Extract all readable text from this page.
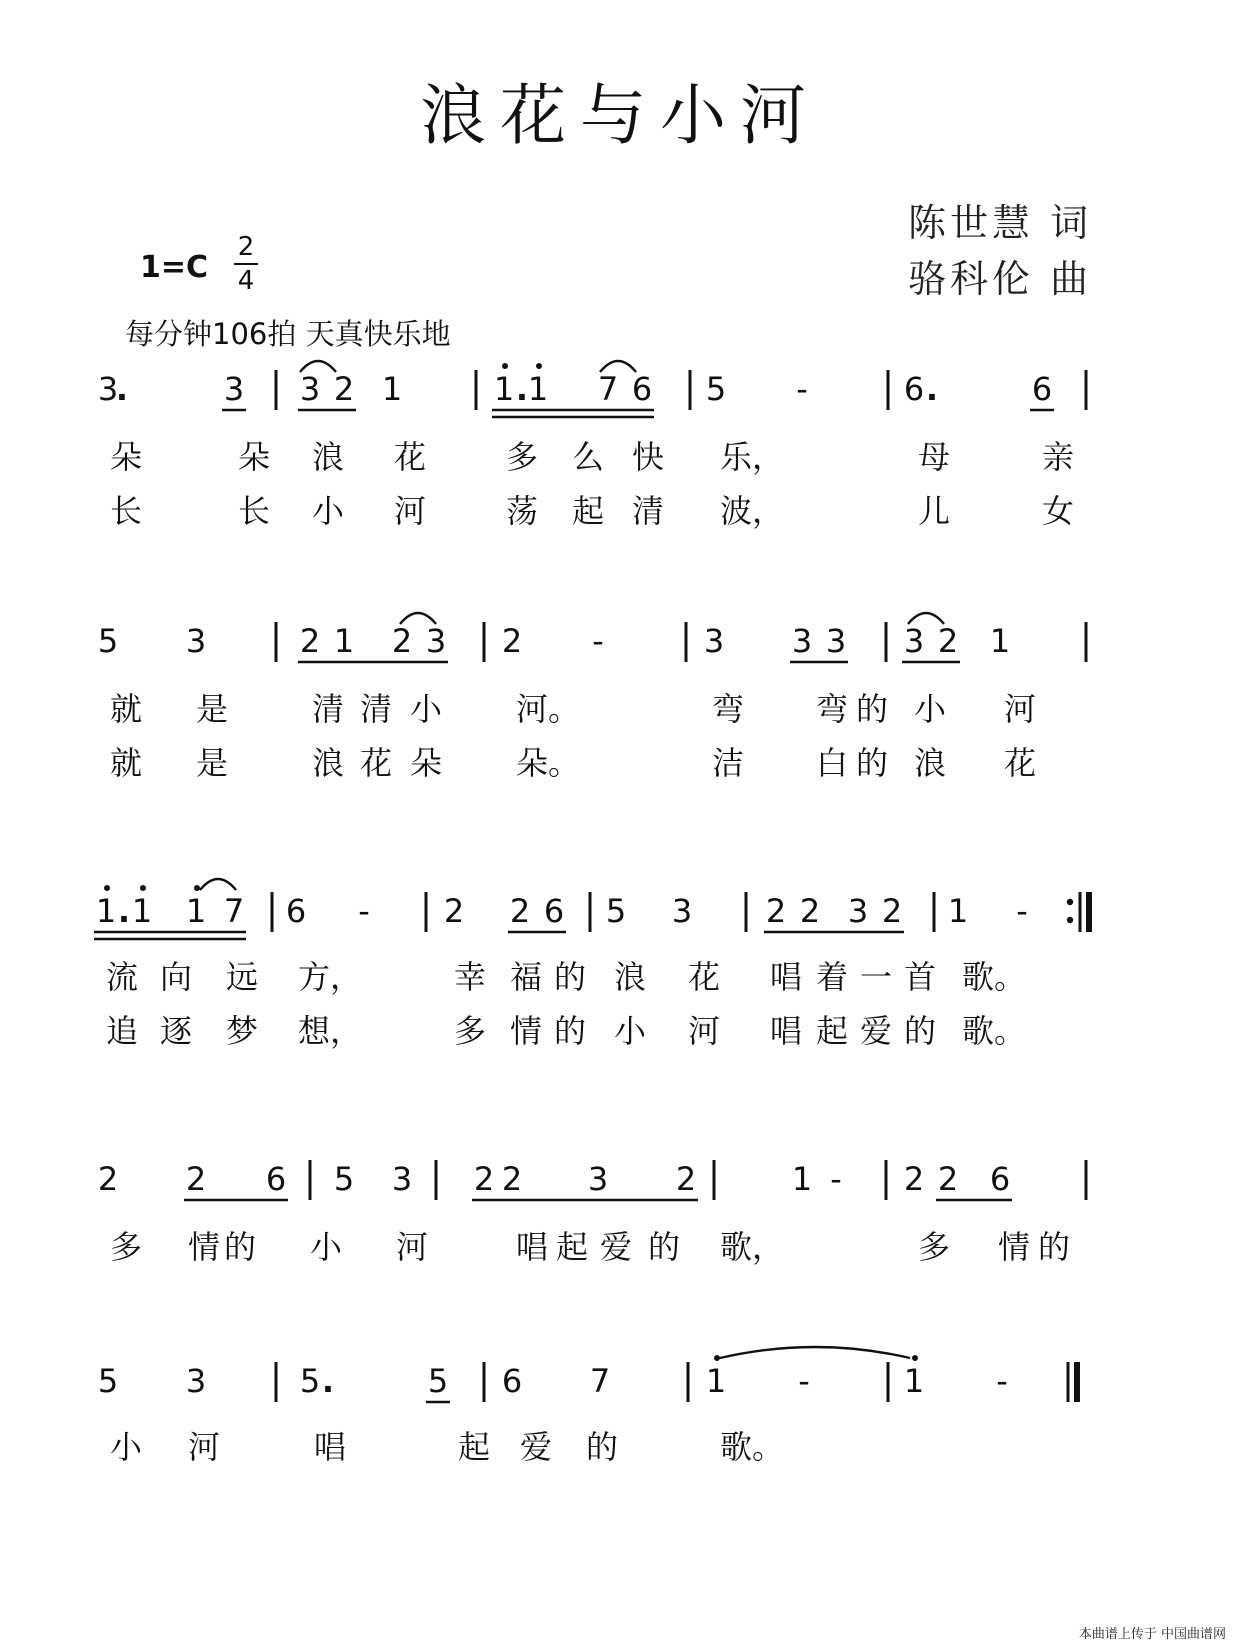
浪花与小河
陈世慧 词
骆科伦 曲
1=C
2
4
每分钟106拍 天真快乐地
3
.	3 3 2 1	1 . 1 7 6 5 -	6 .	6
朵	朵 浪 花 多 么 快 乐，	母	亲
长	长 小 河 荡 起 清 波，	儿	女
5 3	2 1 2 3 2 -	3 3 3 3 2 1
就 是	清 清 小 河。	弯 弯 的 小 河
就 是	浪 花 朵 朵。	洁 白 的 浪 花
1 . 1 1 7 6 - 2 2 6 5 3 2 2 3 2 1 -
流 向 远 方，	幸 福 的 浪 花 唱 着 一 首 歌。
追 逐 梦 想，	多 情 的 小 河 唱 起 爱 的 歌。
2 2 6 5 3 2 2 3 2	1 - 2 2 6
多 情 的 小 河	唱 起 爱 的 歌，	多 情 的
5 3	5 .	5 6 7	1 -	1 -
小 河	唱	起 爱 的	歌。
本曲谱上传于 中国曲谱网
